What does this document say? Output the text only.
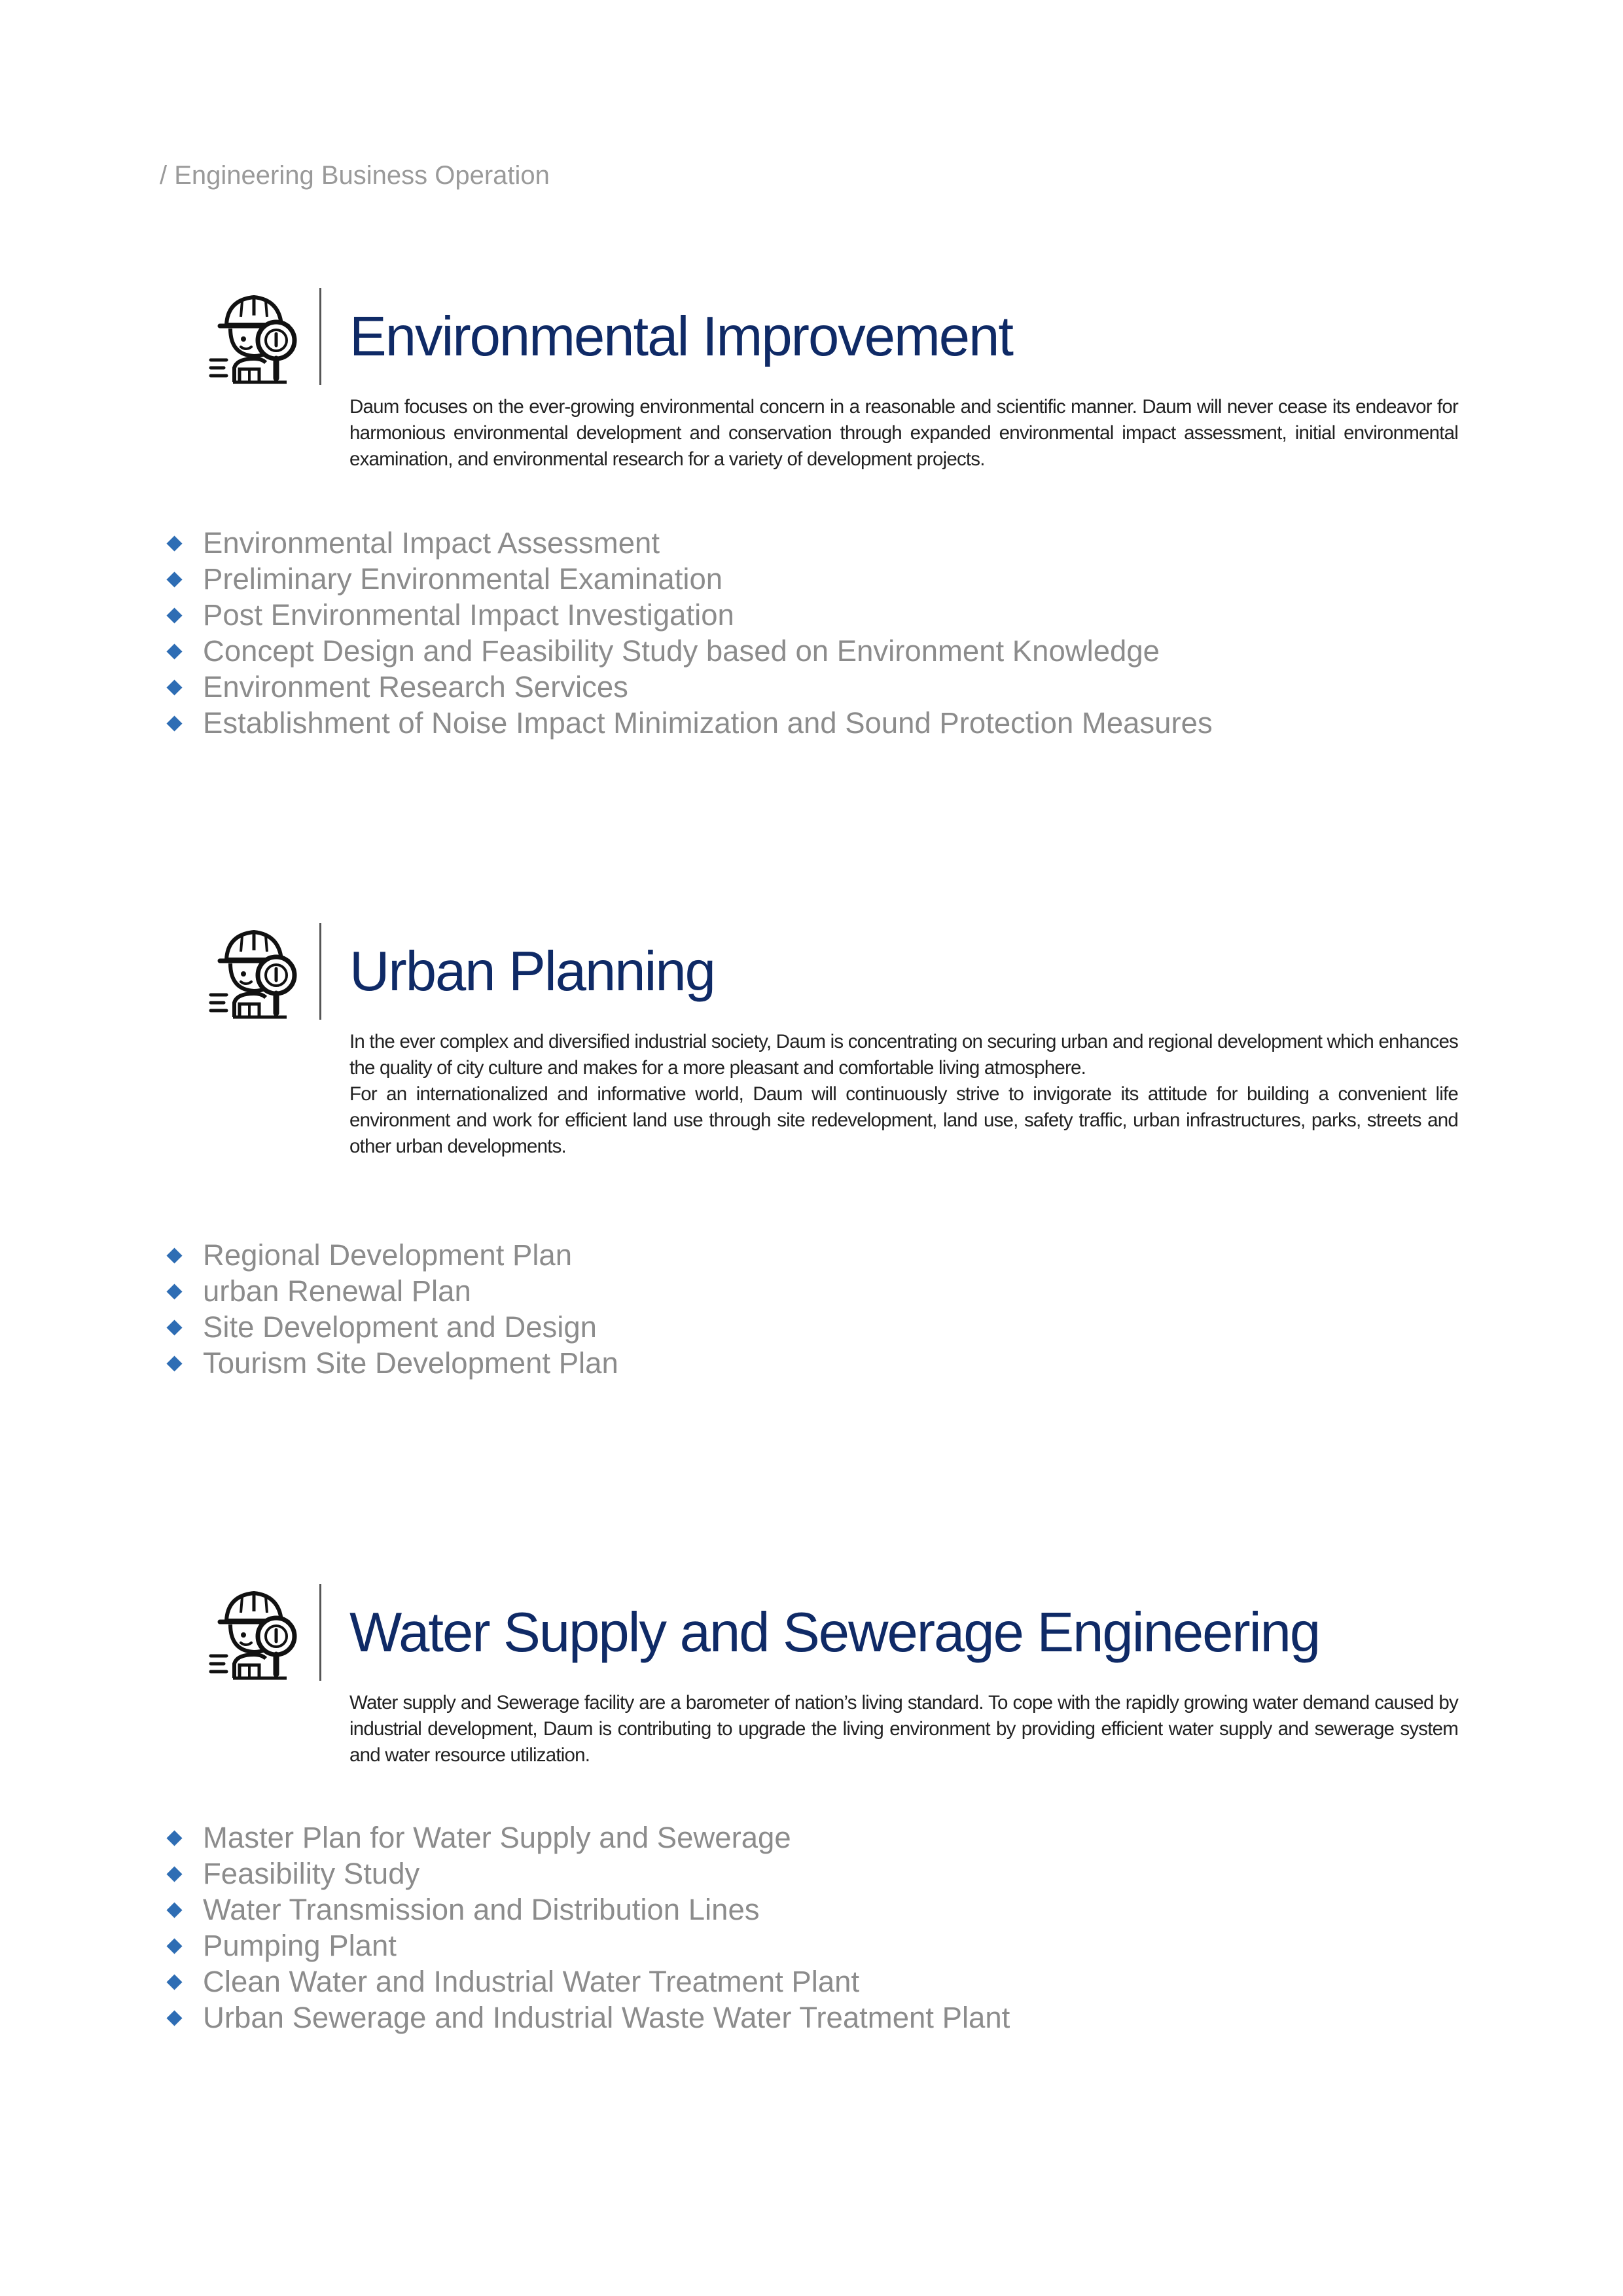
/ Engineering Business Operation
Environmental Improvement

Daum focuses on the ever-growing environmental concern in a reasonable and scientific manner. Daum will never cease its endeavor for harmonious environmental development and conservation through expanded environmental impact assessment, initial environmental examination, and environmental research for a variety of development projects.

Environmental Impact Assessment
Preliminary Environmental Examination
Post Environmental Impact Investigation
Concept Design and Feasibility Study based on Environment Knowledge
Environment Research Services
Establishment of Noise Impact Minimization and Sound Protection Measures
Urban Planning

In the ever complex and diversified industrial society, Daum is concentrating on securing urban and regional development which enhances the quality of city culture and makes for a more pleasant and comfortable living atmosphere.

For an internationalized and informative world, Daum will continuously strive to invigorate its attitude for building a convenient life environment and work for efficient land use through site redevelopment, land use, safety traffic, urban infrastructures, parks, streets and other urban developments.

Regional Development Plan
urban Renewal Plan
Site Development and Design
Tourism Site Development Plan
Water Supply and Sewerage Engineering

Water supply and Sewerage facility are a barometer of nation’s living standard. To cope with the rapidly growing water demand caused by industrial development, Daum is contributing to upgrade the living environment by providing efficient water supply and sewerage system and water resource utilization.

Master Plan for Water Supply and Sewerage
Feasibility Study
Water Transmission and Distribution Lines
Pumping Plant
Clean Water and Industrial Water Treatment Plant
Urban Sewerage and Industrial Waste Water Treatment Plant
